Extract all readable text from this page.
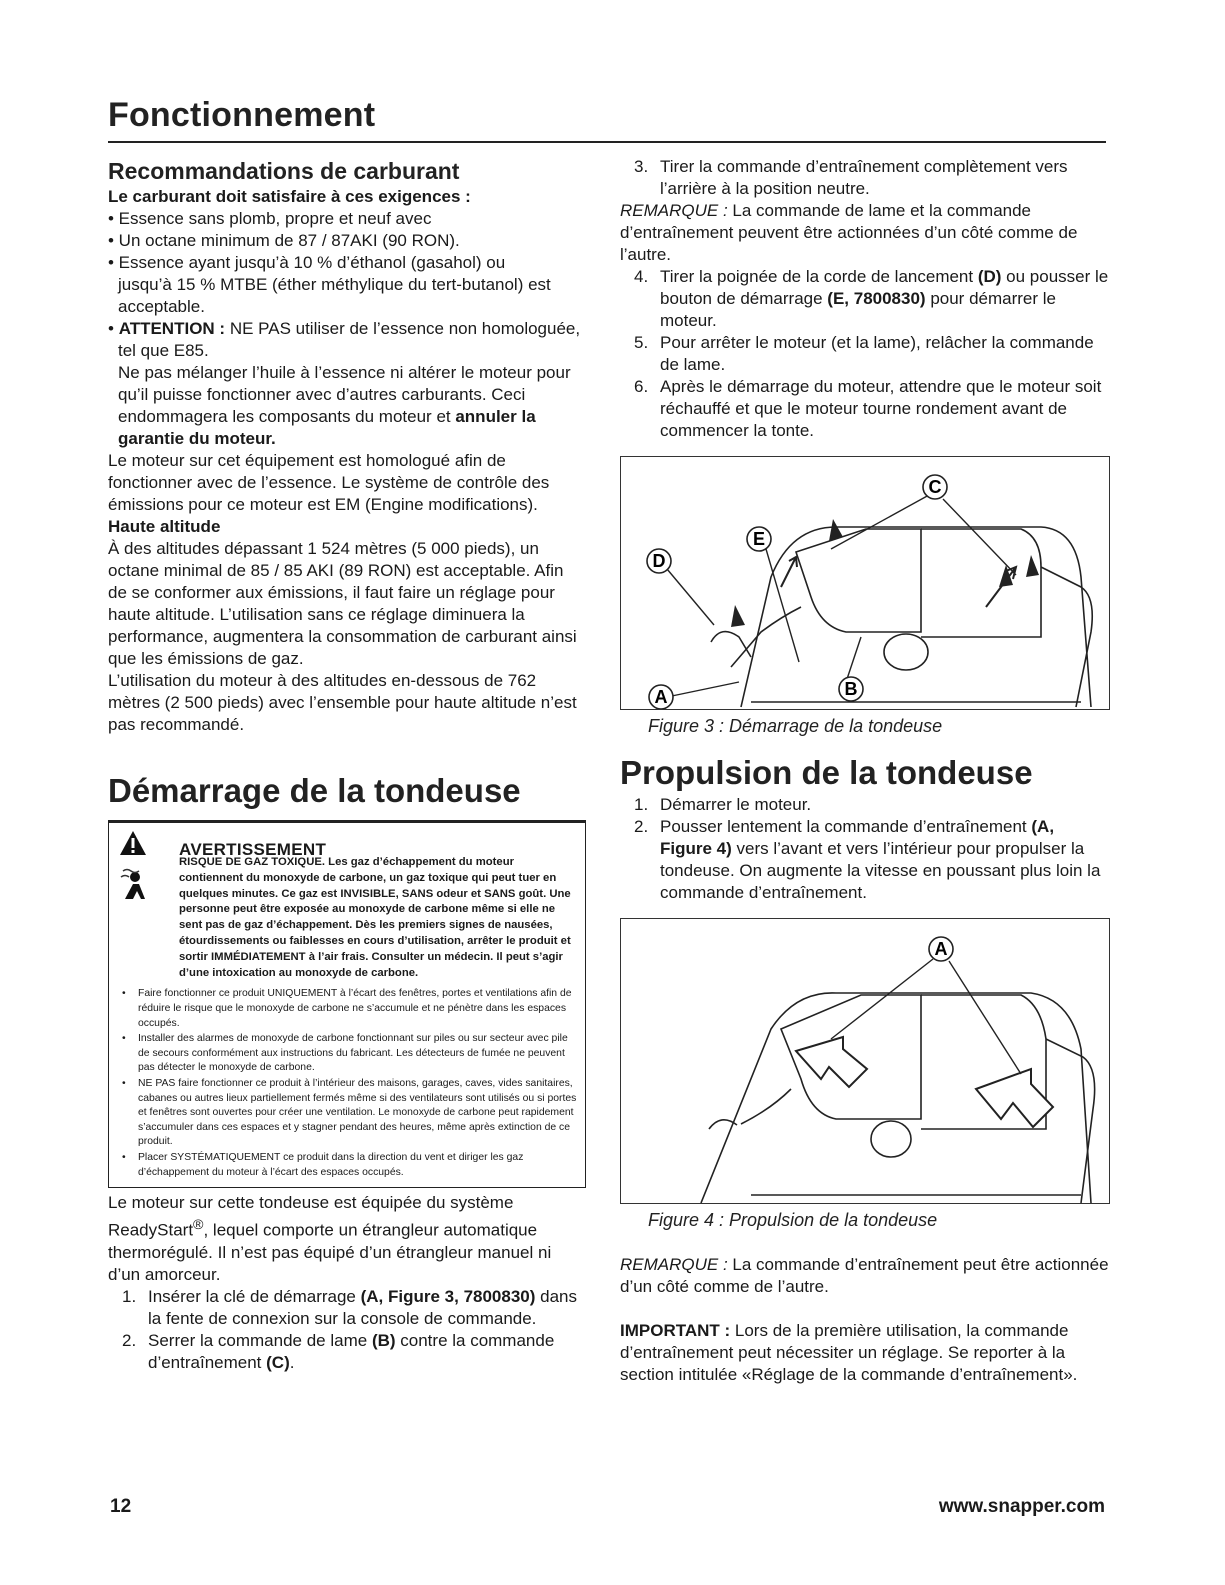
Fonctionnement
Recommandations de carburant

Le carburant doit satisfaire à ces exigences :

• Essence sans plomb, propre et neuf avec

• Un octane minimum de 87 / 87AKI (90 RON).

• Essence ayant jusqu’à 10 % d’éthanol (gasahol) ou

jusqu’à 15 % MTBE (éther méthylique du tert-butanol) est acceptable.

• ATTENTION : NE PAS utiliser de l’essence non homologuée, tel que E85.

Ne pas mélanger l’huile à l’essence ni altérer le moteur pour qu’il puisse fonctionner avec d’autres carburants. Ceci endommagera les composants du moteur et annuler la garantie du moteur.

Le moteur sur cet équipement est homologué afin de fonctionner avec de l’essence. Le système de contrôle des émissions pour ce moteur est EM (Engine modifications).

Haute altitude

À des altitudes dépassant 1 524 mètres (5 000 pieds), un octane minimal de 85 / 85 AKI (89 RON) est acceptable. Afin de se conformer aux émissions, il faut faire un réglage pour haute altitude. L’utilisation sans ce réglage diminuera la performance, augmentera la consommation de carburant ainsi que les émissions de gaz.

L’utilisation du moteur à des altitudes en-dessous de 762 mètres (2 500 pieds) avec l’ensemble pour haute altitude n’est pas recommandé.

Démarrage de la tondeuse
AVERTISSEMENT

RISQUE DE GAZ TOXIQUE. Les gaz d’échappement du moteur contiennent du monoxyde de carbone, un gaz toxique qui peut tuer en quelques minutes. Ce gaz est INVISIBLE, SANS odeur et SANS goût. Une personne peut être exposée au monoxyde de carbone même si elle ne sent pas de gaz d’échappement. Dès les premiers signes de nausées, étourdissements ou faiblesses en cours d’utilisation, arrêter le produit et sortir IMMÉDIATEMENT à l’air frais. Consulter un médecin. Il peut s’agir d’une intoxication au monoxyde de carbone.

• Faire fonctionner ce produit UNIQUEMENT à l’écart des fenêtres, portes et ventilations afin de réduire le risque que le monoxyde de carbone ne s’accumule et ne pénètre dans les espaces occupés.
• Installer des alarmes de monoxyde de carbone fonctionnant sur piles ou sur secteur avec pile de secours conformément aux instructions du fabricant. Les détecteurs de fumée ne peuvent pas détecter le monoxyde de carbone.
• NE PAS faire fonctionner ce produit à l’intérieur des maisons, garages, caves, vides sanitaires, cabanes ou autres lieux partiellement fermés même si des ventilateurs sont utilisés ou si portes et fenêtres sont ouvertes pour créer une ventilation. Le monoxyde de carbone peut rapidement s’accumuler dans ces espaces et y stagner pendant des heures, même après extinction de ce produit.
• Placer SYSTÉMATIQUEMENT ce produit dans la direction du vent et diriger les gaz d’échappement du moteur à l’écart des espaces occupés.

Le moteur sur cette tondeuse est équipée du système ReadyStart®, lequel comporte un étrangleur automatique thermorégulé. Il n’est pas équipé d’un étrangleur manuel ni d’un amorceur.

1. Insérer la clé de démarrage (A, Figure 3, 7800830) dans la fente de connexion sur la console de commande.
2. Serrer la commande de lame (B) contre la commande d’entraînement (C).
3. Tirer la commande d’entraînement complètement vers l’arrière à la position neutre.

REMARQUE : La commande de lame et la commande d’entraînement peuvent être actionnées d’un côté comme de l’autre.

4. Tirer la poignée de la corde de lancement (D) ou pousser le bouton de démarrage (E, 7800830) pour démarrer le moteur.
5. Pour arrêter le moteur (et la lame), relâcher la commande de lame.
6. Après le démarrage du moteur, attendre que le moteur soit réchauffé et que le moteur tourne rondement avant de commencer la tonte.
C
E
D
A	B
Figure 3 : Démarrage de la tondeuse
Propulsion de la tondeuse
1. Démarrer le moteur.
2. Pousser lentement la commande d’entraînement (A, Figure 4) vers l’avant et vers l’intérieur pour propulser la tondeuse. On augmente la vitesse en poussant plus loin la commande d’entraînement.
A
Figure 4 : Propulsion de la tondeuse

REMARQUE : La commande d’entraînement peut être actionnée d’un côté comme de l’autre.

IMPORTANT : Lors de la première utilisation, la commande d’entraînement peut nécessiter un réglage. Se reporter à la section intitulée «Réglage de la commande d’entraînement».

12	www.snapper.com
